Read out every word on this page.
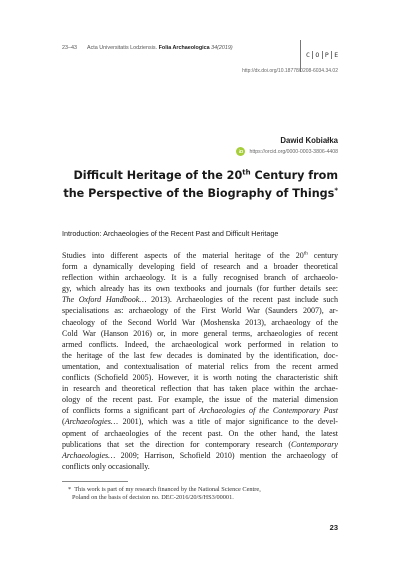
23–43 Acta Universitatis Lodziensis. Folia Archaeologica 34(2019)
C O P E
http://dx.doi.org/10.18778/0208-6034.34.02
Dawid Kobiałka
iD	https://orcid.org/0000-0003-3806-4408
Difficult Heritage of the 20th Century from
the Perspective of the Biography of Things*
Introduction: Archaeologies of the Recent Past and Difficult Heritage
Studies into different aspects of the material heritage of the 20th century
form a dynamically developing field of research and a broader theoretical
reflection within archaeology. It is a fully recognised branch of archaeolo-
gy, which already has its own textbooks and journals (for further details see:
The Oxford Handbook… 2013). Archaeologies of the recent past include such
specialisations as: archaeology of the First World War (Saunders 2007), ar-
chaeology of the Second World War (Moshenska 2013), archaeology of the
Cold War (Hanson 2016) or, in more general terms, archaeologies of recent
armed conflicts. Indeed, the archaeological work performed in relation to
the heritage of the last few decades is dominated by the identification, doc-
umentation, and contextualisation of material relics from the recent armed
conflicts (Schofield 2005). However, it is worth noting the characteristic shift
in research and theoretical reflection that has taken place within the archae-
ology of the recent past. For example, the issue of the material dimension
of conflicts forms a significant part of Archaeologies of the Contemporary Past
(Archaeologies… 2001), which was a title of major significance to the devel-
opment of archaeologies of the recent past. On the other hand, the latest
publications that set the direction for contemporary research (Contemporary
Archaeologies… 2009; Harrison, Schofield 2010) mention the archaeology of
conflicts only occasionally.
* This work is part of my research financed by the National Science Centre,
Poland on the basis of decision no. DEC-2016/20/S/HS3/00001.
23
